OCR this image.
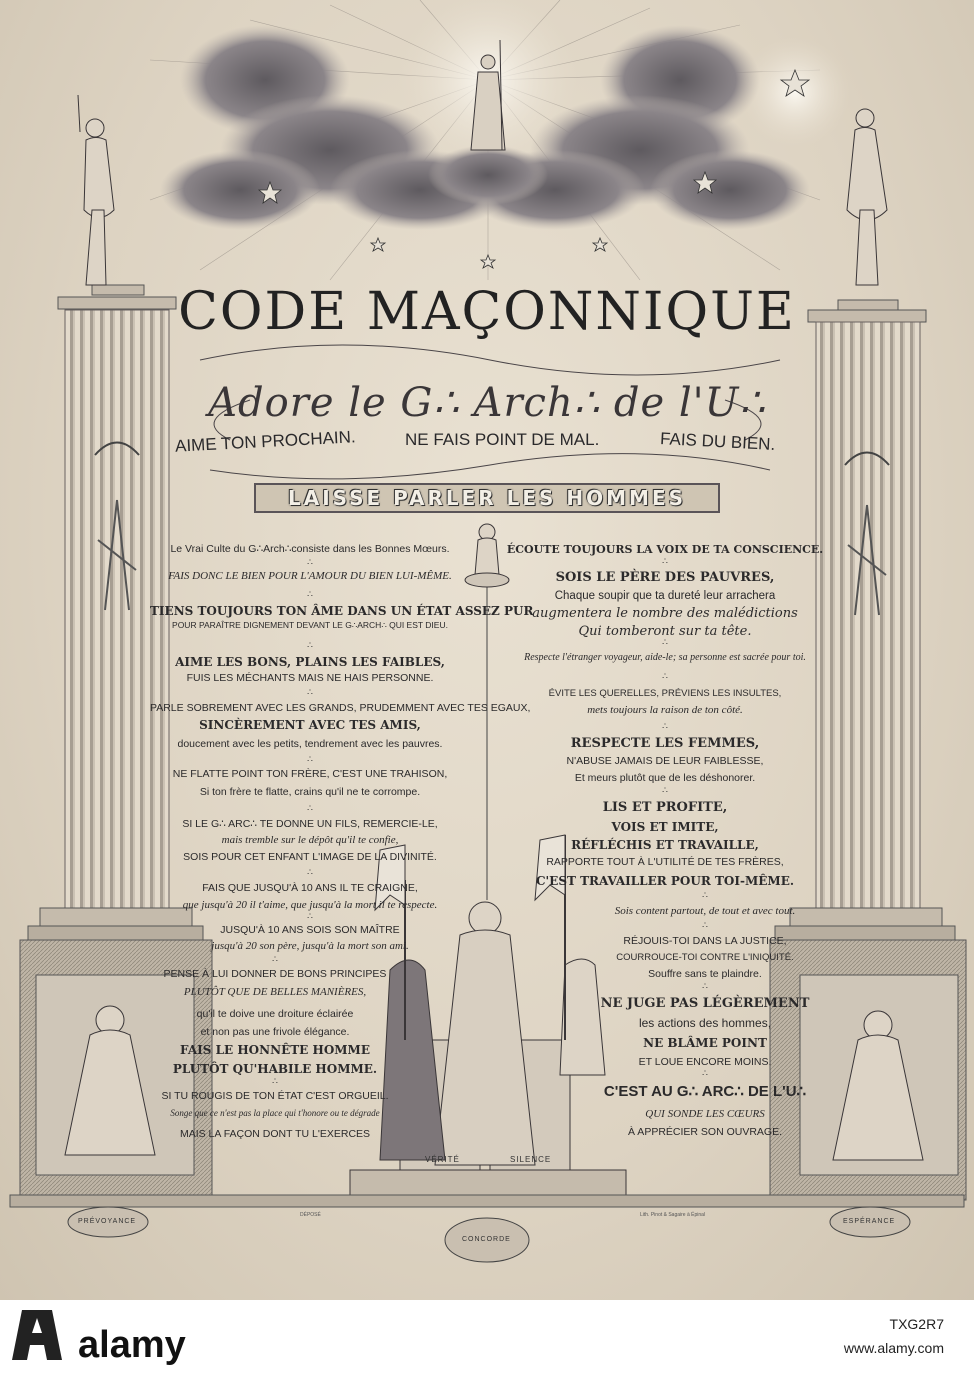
CODE MAÇONNIQUE
Adore le G∴ Arch∴ de l'U∴
AIME TON PROCHAIN.	NE FAIS POINT DE MAL.	FAIS DU BIEN.
LAISSE PARLER LES HOMMES
Le Vrai Culte du G∴Arch∴consiste dans les Bonnes Mœurs.
FAIS DONC LE BIEN POUR L'AMOUR DU BIEN LUI-MÊME.
TIENS TOUJOURS TON ÂME DANS UN ÉTAT ASSEZ PUR
POUR PARAÎTRE DIGNEMENT DEVANT LE G∴ARCH∴ QUI EST DIEU.
AIME LES BONS, PLAINS LES FAIBLES,
FUIS LES MÉCHANTS MAIS NE HAIS PERSONNE.
PARLE SOBREMENT AVEC LES GRANDS, PRUDEMMENT AVEC TES EGAUX,
SINCÈREMENT AVEC TES AMIS,
doucement avec les petits, tendrement avec les pauvres.
NE FLATTE POINT TON FRÈRE, C'EST UNE TRAHISON,
Si ton frère te flatte, crains qu'il ne te corrompe.
SI LE G∴ ARC∴ TE DONNE UN FILS, REMERCIE-LE,
mais tremble sur le dépôt qu'il te confie,
SOIS POUR CET ENFANT L'IMAGE DE LA DIVINITÉ.
FAIS QUE JUSQU'À 10 ANS IL TE CRAIGNE,
que jusqu'à 20 il t'aime, que jusqu'à la mort il te respecte.
JUSQU'À 10 ANS SOIS SON MAÎTRE
jusqu'à 20 son père, jusqu'à la mort son ami.
PENSE À LUI DONNER DE BONS PRINCIPES
PLUTÔT QUE DE BELLES MANIÈRES,
qu'il te doive une droiture éclairée
et non pas une frivole élégance.
FAIS LE HONNÊTE HOMME
PLUTÔT QU'HABILE HOMME.
SI TU ROUGIS DE TON ÉTAT C'EST ORGUEIL.
Songe que ce n'est pas la place qui t'honore ou te dégrade
MAIS LA FAÇON DONT TU L'EXERCES
ÉCOUTE TOUJOURS LA VOIX DE TA CONSCIENCE.
SOIS LE PÈRE DES PAUVRES,
Chaque soupir que ta dureté leur arrachera
augmentera le nombre des malédictions
Qui tomberont sur ta tête.
Respecte l'étranger voyageur, aide-le; sa personne est sacrée pour toi.
ÉVITE LES QUERELLES, PRÉVIENS LES INSULTES,
mets toujours la raison de ton côté.
RESPECTE LES FEMMES,
N'ABUSE JAMAIS DE LEUR FAIBLESSE,
Et meurs plutôt que de les déshonorer.
LIS ET PROFITE,
VOIS ET IMITE,
RÉFLÉCHIS ET TRAVAILLE,
RAPPORTE TOUT À L'UTILITÉ DE TES FRÈRES,
C'EST TRAVAILLER POUR TOI-MÊME.
Sois content partout, de tout et avec tout.
RÉJOUIS-TOI DANS LA JUSTICE,
COURROUCE-TOI CONTRE L'INIQUITÉ.
Souffre sans te plaindre.
NE JUGE PAS LÉGÈREMENT
les actions des hommes,
NE BLÂME POINT
ET LOUE ENCORE MOINS.
C'EST AU G∴ ARC∴ DE L'U∴
QUI SONDE LES CŒURS
À APPRÉCIER SON OUVRAGE.
∴
∴
∴
∴
∴
∴
∴
∴
∴
∴
∴
∴
∴
∴
∴
∴
∴
∴
∴
VÉRITÉ	SILENCE
PRÉVOYANCE
CONCORDE
ESPÉRANCE
DÉPOSÉ	Lith. Pinot & Sagaire à Épinal
alamy	TXG2R7
www.alamy.com
